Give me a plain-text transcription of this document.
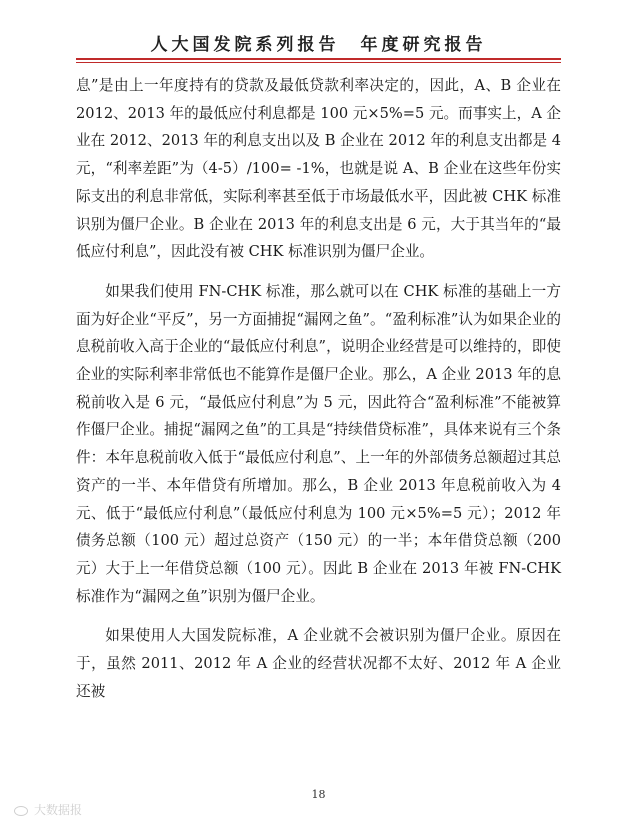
人大国发院系列报告　年度研究报告

息”是由上一年度持有的贷款及最低贷款利率决定的，因此，A、B 企业在 2012、2013 年的最低应付利息都是 100 元×5%=5 元。而事实上，A 企业在 2012、2013 年的利息支出以及 B 企业在 2012 年的利息支出都是 4 元，“利率差距”为（4-5）/100= -1%，也就是说 A、B 企业在这些年份实际支出的利息非常低，实际利率甚至低于市场最低水平，因此被 CHK 标准识别为僵尸企业。B 企业在 2013 年的利息支出是 6 元，大于其当年的“最低应付利息”，因此没有被 CHK 标准识别为僵尸企业。

如果我们使用 FN-CHK 标准，那么就可以在 CHK 标准的基础上一方面为好企业“平反”，另一方面捕捉“漏网之鱼”。“盈利标准”认为如果企业的息税前收入高于企业的“最低应付利息”，说明企业经营是可以维持的，即使企业的实际利率非常低也不能算作是僵尸企业。那么，A 企业 2013 年的息税前收入是 6 元，“最低应付利息”为 5 元，因此符合“盈利标准”不能被算作僵尸企业。捕捉“漏网之鱼”的工具是“持续借贷标准”，具体来说有三个条件：本年息税前收入低于“最低应付利息”、上一年的外部债务总额超过其总资产的一半、本年借贷有所增加。那么，B 企业 2013 年息税前收入为 4 元、低于“最低应付利息”（最低应付利息为 100 元×5%=5 元）；2012 年债务总额（100 元）超过总资产（150 元）的一半；本年借贷总额（200 元）大于上一年借贷总额（100 元）。因此 B 企业在 2013 年被 FN-CHK 标准作为“漏网之鱼”识别为僵尸企业。

如果使用人大国发院标准，A 企业就不会被识别为僵尸企业。原因在于，虽然 2011、2012 年 A 企业的经营状况都不太好、2012 年 A 企业还被

18
大数据报
